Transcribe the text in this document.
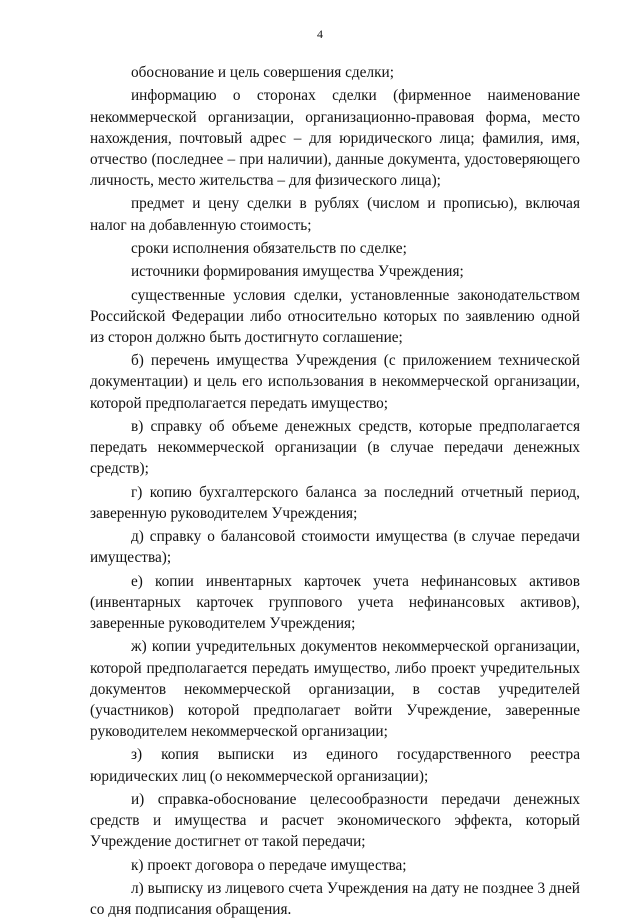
4

обоснование и цель совершения сделки;

информацию о сторонах сделки (фирменное наименование некоммерческой организации, организационно-правовая форма, место нахождения, почтовый адрес – для юридического лица; фамилия, имя, отчество (последнее – при наличии), данные документа, удостоверяющего личность, место жительства – для физического лица);

предмет и цену сделки в рублях (числом и прописью), включая налог на добавленную стоимость;

сроки исполнения обязательств по сделке;

источники формирования имущества Учреждения;

существенные условия сделки, установленные законодательством Российской Федерации либо относительно которых по заявлению одной из сторон должно быть достигнуто соглашение;

б) перечень имущества Учреждения (с приложением технической документации) и цель его использования в некоммерческой организации, которой предполагается передать имущество;

в) справку об объеме денежных средств, которые предполагается передать некоммерческой организации (в случае передачи денежных средств);

г) копию бухгалтерского баланса за последний отчетный период, заверенную руководителем Учреждения;

д) справку о балансовой стоимости имущества (в случае передачи имущества);

е) копии инвентарных карточек учета нефинансовых активов (инвентарных карточек группового учета нефинансовых активов), заверенные руководителем Учреждения;

ж) копии учредительных документов некоммерческой организации, которой предполагается передать имущество, либо проект учредительных документов некоммерческой организации, в состав учредителей (участников) которой предполагает войти Учреждение, заверенные руководителем некоммерческой организации;

з) копия выписки из единого государственного реестра юридических лиц (о некоммерческой организации);

и) справка-обоснование целесообразности передачи денежных средств и имущества и расчет экономического эффекта, который Учреждение достигнет от такой передачи;

к) проект договора о передаче имущества;

л) выписку из лицевого счета Учреждения на дату не позднее 3 дней со дня подписания обращения.
